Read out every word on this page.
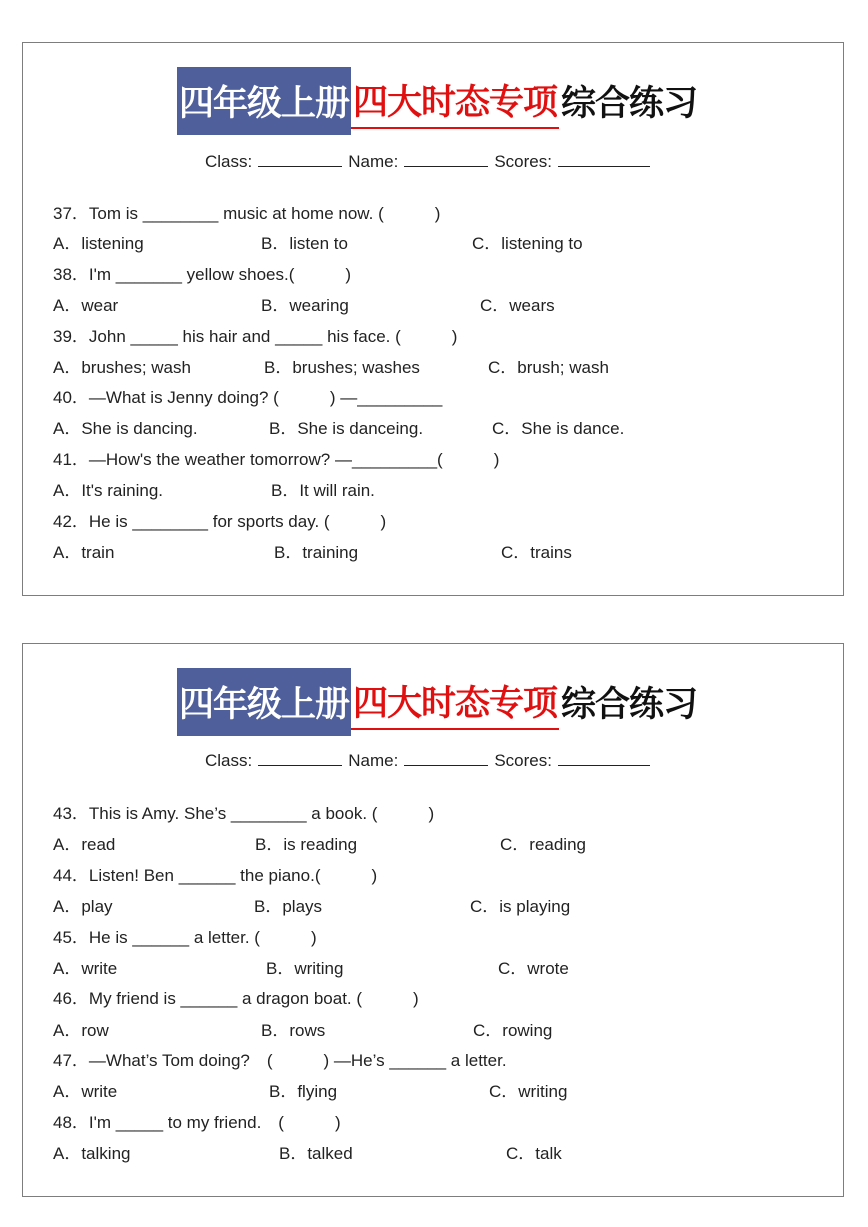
四年级上册 四大时态专项 综合练习
Class:	Name:	Scores:
37．Tom is ________ music at home now. (　　　)
A．listening	B．listen to	C．listening to
38．I'm _______ yellow shoes.(　　　)
A．wear	B．wearing	C．wears
39．John _____ his hair and _____ his face. (　　　)
A．brushes; wash	B．brushes; washes	C．brush; wash
40．—What is Jenny doing? (　　　) —_________
A．She is dancing.	B．She is danceing.	C．She is dance.
41．—How's the weather tomorrow? —_________(　　　)
A．It's raining.	B．It will rain.
42．He is ________ for sports day. (　　　)
A．train	B．training	C．trains
四年级上册 四大时态专项 综合练习
Class:	Name:	Scores:
43．This is Amy. She’s ________ a book. (　　　)
A．read	B．is reading	C．reading
44．Listen! Ben ______ the piano.(　　　)
A．play	B．plays	C．is playing
45．He is ______ a letter. (　　　)
A．write	B．writing	C．wrote
46．My friend is ______ a dragon boat. (　　　)
A．row	B．rows	C．rowing
47．—What’s Tom doing?　(　　　) —He’s ______ a letter.
A．write	B．flying	C．writing
48．I'm _____ to my friend.　(　　　)
A．talking	B．talked	C．talk
